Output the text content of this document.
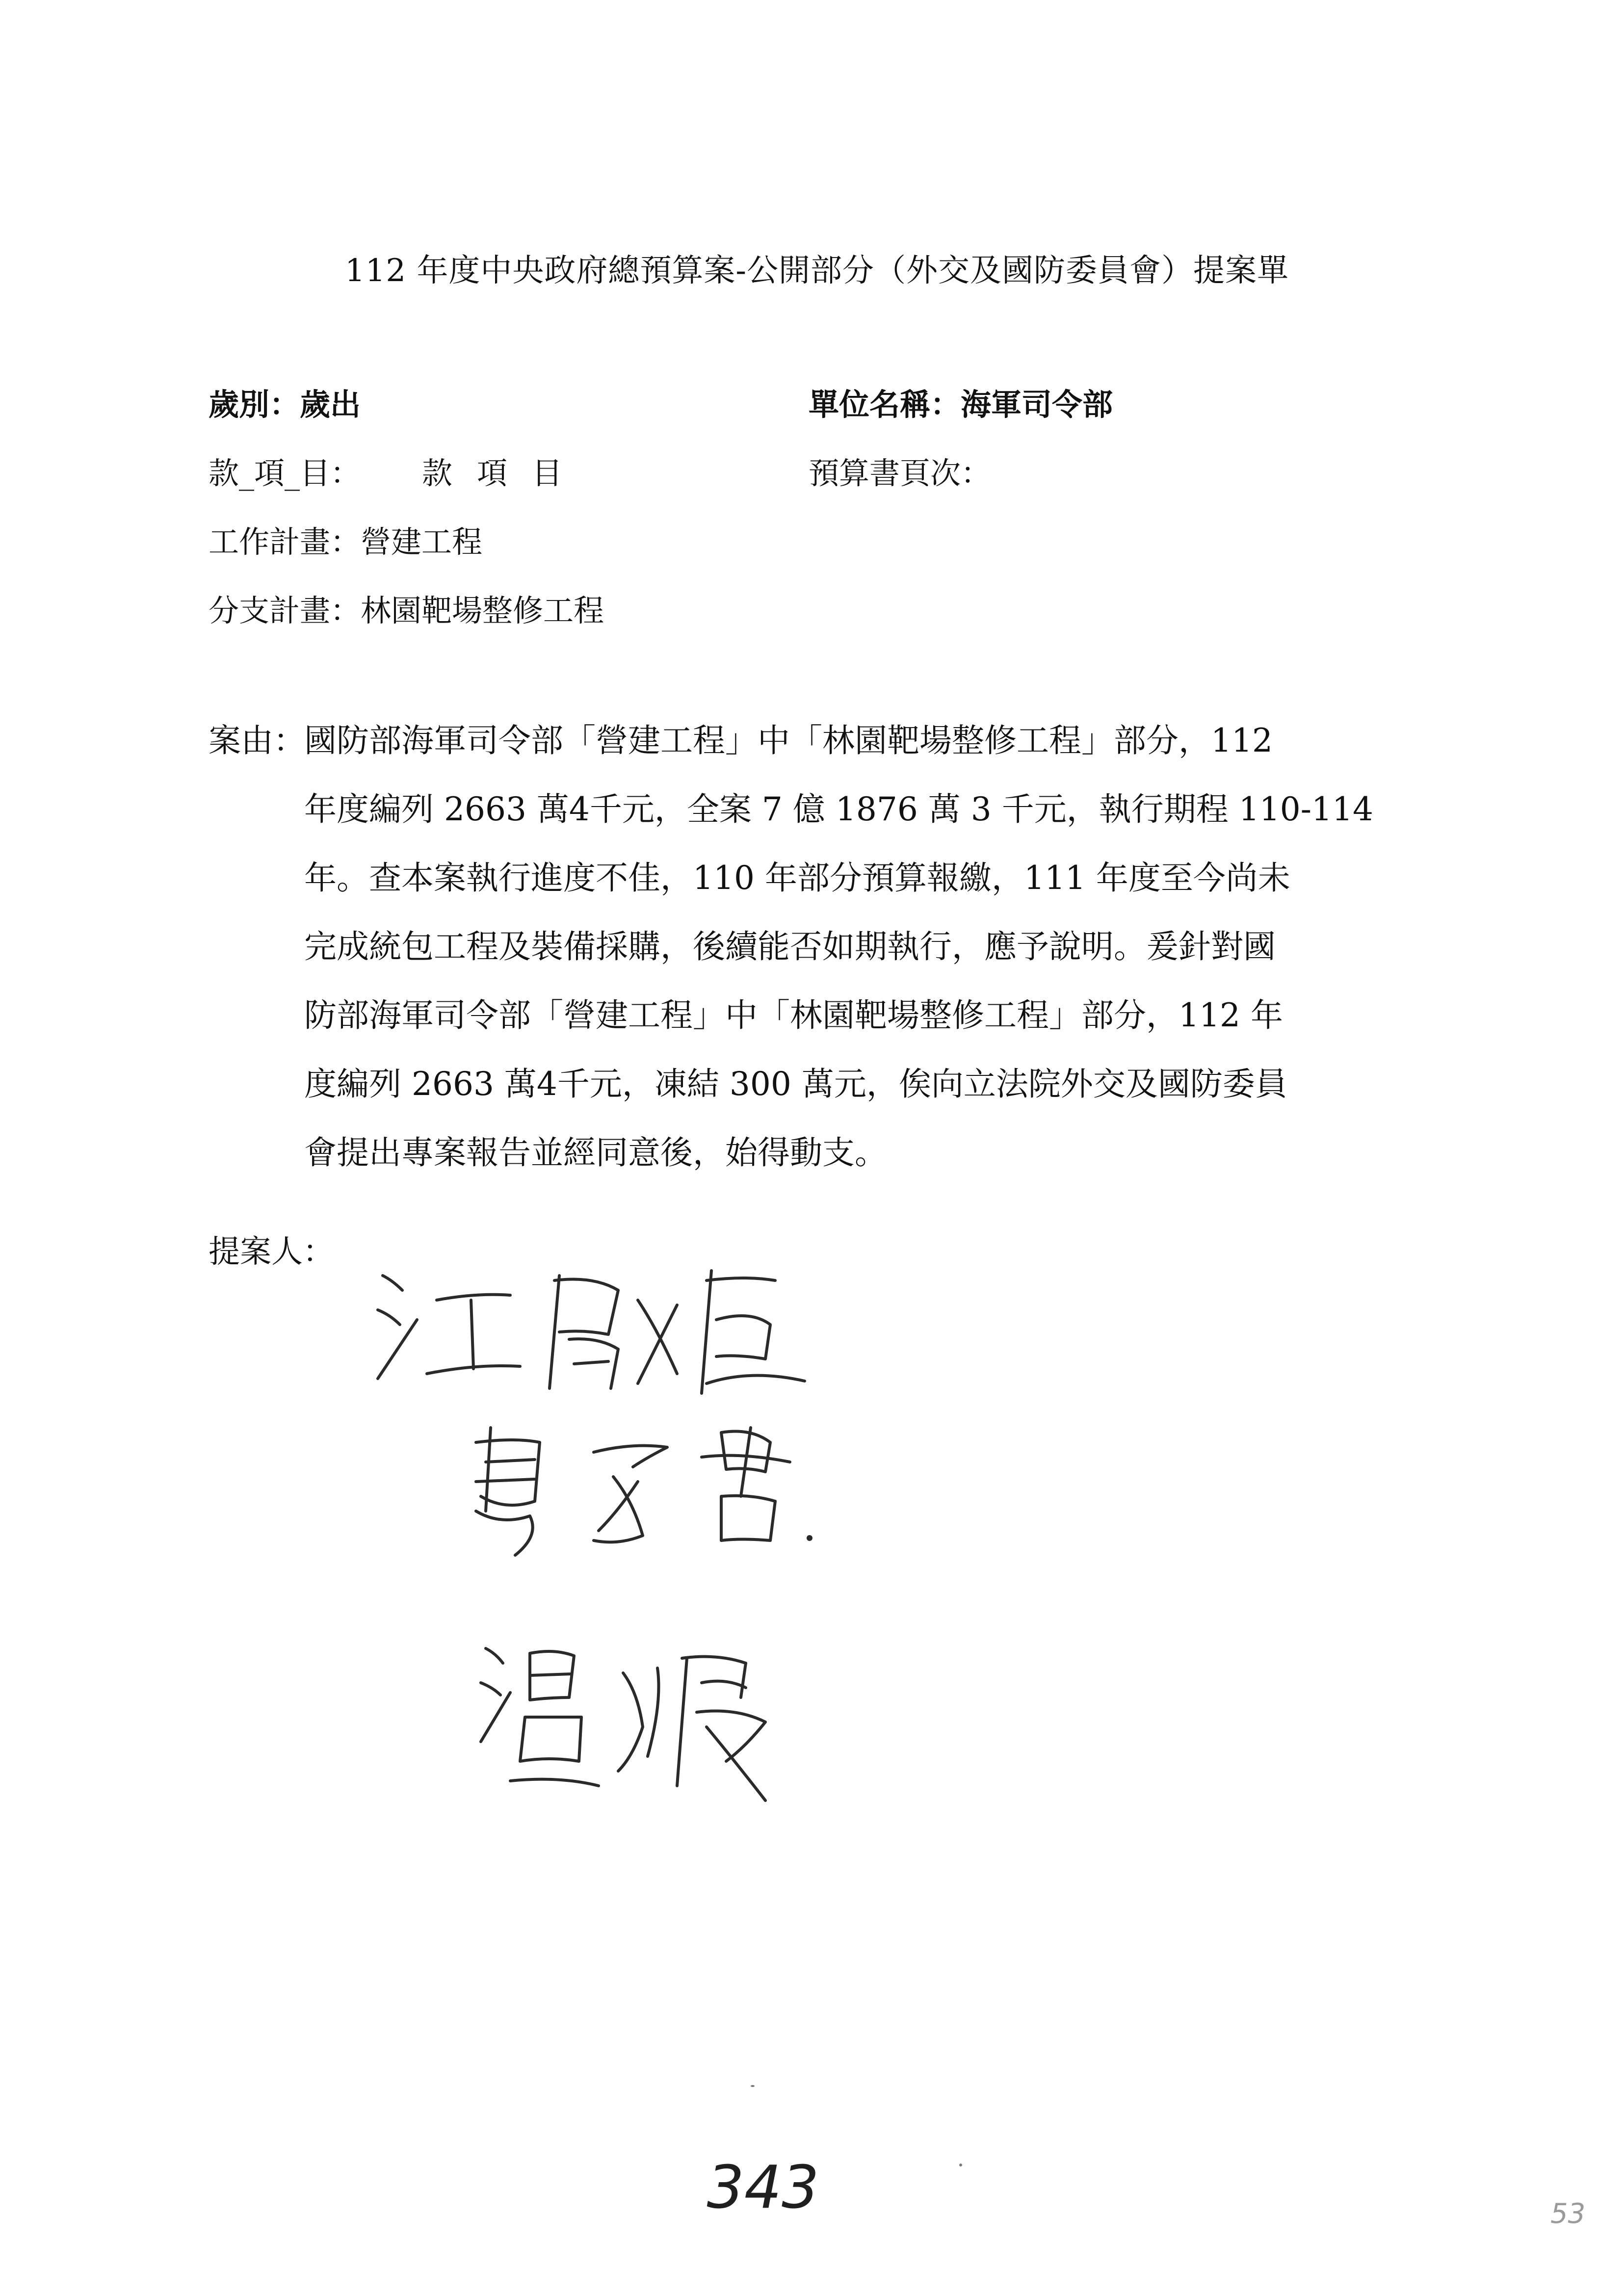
112 年度中央政府總預算案-公開部分（外交及國防委員會）提案單
歲別：歲出	單位名稱：海軍司令部
款_項_目： 款項目	預算書頁次：
工作計畫：營建工程
分支計畫：林園靶場整修工程
案由：
國防部海軍司令部「營建工程」中「林園靶場整修工程」部分，112
年度編列 2663 萬4千元，全案 7 億 1876 萬 3 千元，執行期程 110-114
年。查本案執行進度不佳，110 年部分預算報繳，111 年度至今尚未
完成統包工程及裝備採購，後續能否如期執行，應予說明。爰針對國
防部海軍司令部「營建工程」中「林園靶場整修工程」部分，112 年
度編列 2663 萬4千元，凍結 300 萬元，俟向立法院外交及國防委員
會提出專案報告並經同意後，始得動支。
提案人：
343	53
